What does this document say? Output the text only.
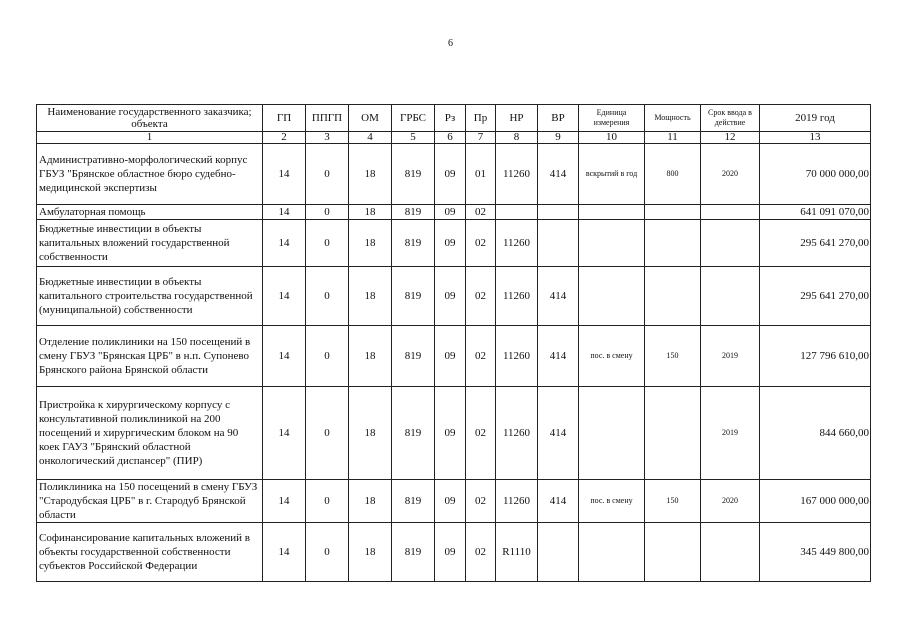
6
Наименование государственного заказчика; объекта	ГП	ППГП	ОМ	ГРБС	Рз	Пр	НР	ВР	Единица измерения	Мощность	Срок ввода в действие	2019 год
1	2	3	4	5	6	7	8	9	10	11	12	13
Административно-морфологический корпус ГБУЗ "Брянское областное бюро судебно-медицинской экспертизы	14	0	18	819	09	01	11260	414	вскрытий в год	800	2020	70 000 000,00
Амбулаторная помощь	14	0	18	819	09	02						641 091 070,00
Бюджетные инвестиции в объекты капитальных вложений государственной собственности	14	0	18	819	09	02	11260					295 641 270,00
Бюджетные инвестиции в объекты капитального строительства государственной (муниципальной) собственности	14	0	18	819	09	02	11260	414				295 641 270,00
Отделение поликлиники на 150 посещений в смену ГБУЗ "Брянская ЦРБ" в н.п. Супонево Брянского района Брянской области	14	0	18	819	09	02	11260	414	пос. в смену	150	2019	127 796 610,00
Пристройка к хирургическому корпусу с консультативной поликлиникой на 200 посещений и хирургическим блоком на 90 коек ГАУЗ "Брянский областной онкологический диспансер" (ПИР)	14	0	18	819	09	02	11260	414			2019	844 660,00
Поликлиника на 150 посещений в смену ГБУЗ "Стародубская ЦРБ" в г. Стародуб Брянской области	14	0	18	819	09	02	11260	414	пос. в смену	150	2020	167 000 000,00
Софинансирование капитальных вложений в объекты государственной собственности субъектов Российской Федерации	14	0	18	819	09	02	R1110					345 449 800,00
